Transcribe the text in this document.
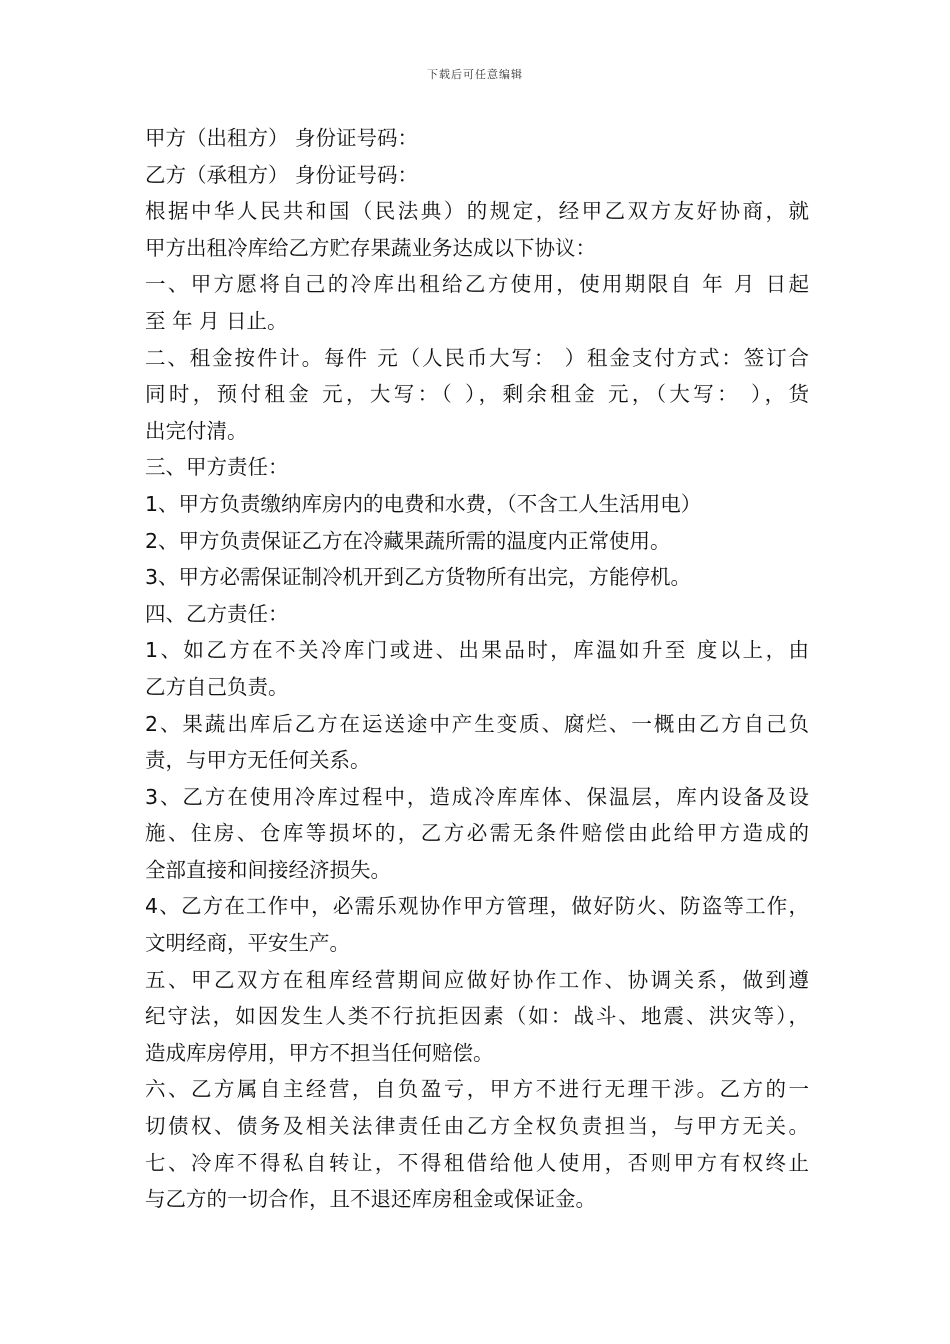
下载后可任意编辑
甲方（出租方） 身份证号码：
乙方（承租方） 身份证号码：
根据中华人民共和国（民法典）的规定，经甲乙双方友好协商，就
甲方出租冷库给乙方贮存果蔬业务达成以下协议：
一、甲方愿将自己的冷库出租给乙方使用，使用期限自 年 月 日起
至 年 月 日止。
二、租金按件计。每件 元（人民币大写： ）租金支付方式：签订合
同时，预付租金 元，大写：（ ），剩余租金 元，（大写： ），货
出完付清。
三、甲方责任：
1、甲方负责缴纳库房内的电费和水费，（不含工人生活用电）
2、甲方负责保证乙方在冷藏果蔬所需的温度内正常使用。
3、甲方必需保证制冷机开到乙方货物所有出完，方能停机。
四、乙方责任：
1、如乙方在不关冷库门或进、出果品时，库温如升至 度以上，由
乙方自己负责。
2、果蔬出库后乙方在运送途中产生变质、腐烂、一概由乙方自己负
责，与甲方无任何关系。
3、乙方在使用冷库过程中，造成冷库库体、保温层，库内设备及设
施、住房、仓库等损坏的，乙方必需无条件赔偿由此给甲方造成的
全部直接和间接经济损失。
4、乙方在工作中，必需乐观协作甲方管理，做好防火、防盗等工作，
文明经商，平安生产。
五、甲乙双方在租库经营期间应做好协作工作、协调关系，做到遵
纪守法，如因发生人类不行抗拒因素（如：战斗、地震、洪灾等），
造成库房停用，甲方不担当任何赔偿。
六、乙方属自主经营，自负盈亏，甲方不进行无理干涉。乙方的一
切债权、债务及相关法律责任由乙方全权负责担当，与甲方无关。
七、冷库不得私自转让，不得租借给他人使用，否则甲方有权终止
与乙方的一切合作，且不退还库房租金或保证金。
